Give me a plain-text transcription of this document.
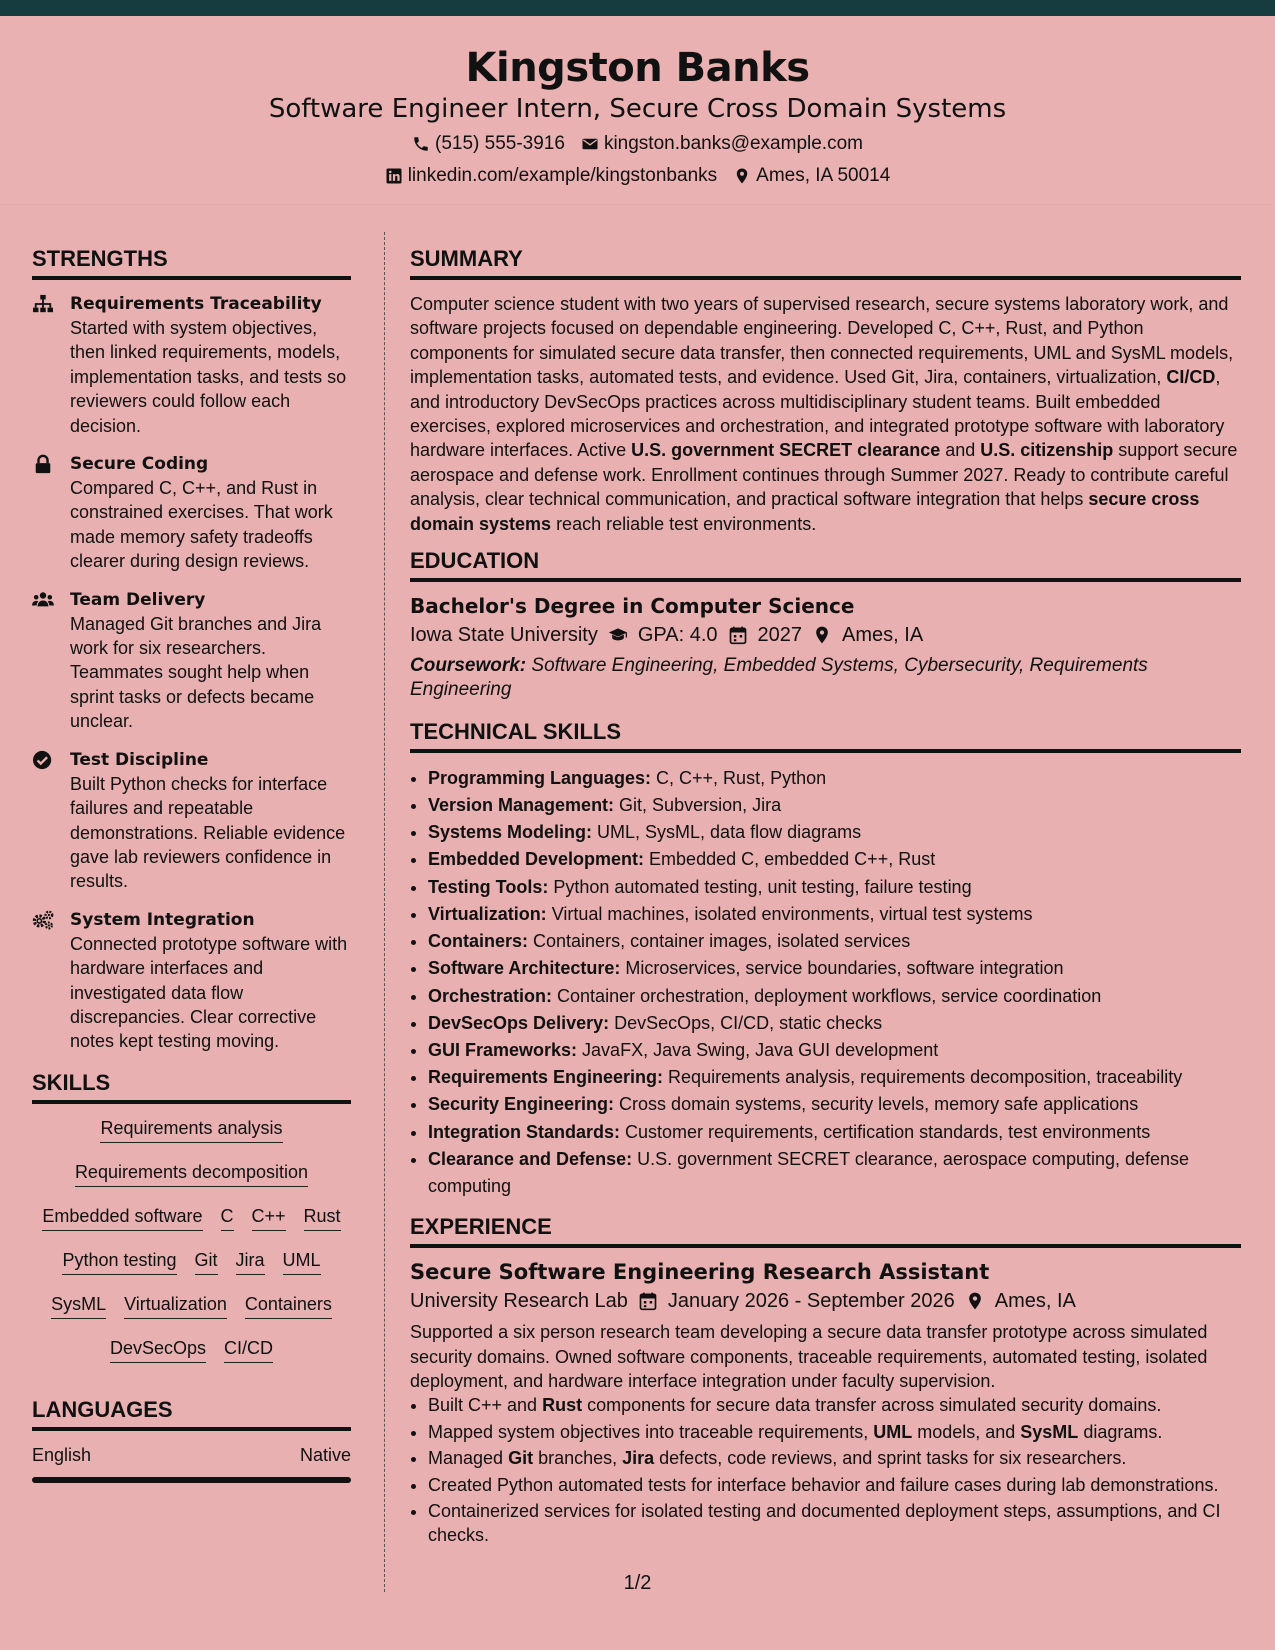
Kingston Banks
Software Engineer Intern, Secure Cross Domain Systems
(515) 555-3916 kingston.banks@example.com
linkedin.com/example/kingstonbanks Ames, IA 50014
STRENGTHS
Requirements Traceability
Started with system objectives, then linked requirements, models, implementation tasks, and tests so reviewers could follow each decision.
Secure Coding
Compared C, C++, and Rust in constrained exercises. That work made memory safety tradeoffs clearer during design reviews.
Team Delivery
Managed Git branches and Jira work for six researchers. Teammates sought help when sprint tasks or defects became unclear.
Test Discipline
Built Python checks for interface failures and repeatable demonstrations. Reliable evidence gave lab reviewers confidence in results.
System Integration
Connected prototype software with hardware interfaces and investigated data flow discrepancies. Clear corrective notes kept testing moving.
SKILLS
Requirements analysis
Requirements decomposition
Embedded software C C++ Rust
Python testing Git Jira UML
SysML Virtualization Containers
DevSecOps CI/CD
LANGUAGES
English	Native
SUMMARY

Computer science student with two years of supervised research, secure systems laboratory work, and software projects focused on dependable engineering. Developed C, C++, Rust, and Python components for simulated secure data transfer, then connected requirements, UML and SysML models, implementation tasks, automated tests, and evidence. Used Git, Jira, containers, virtualization, CI/CD, and introductory DevSecOps practices across multidisciplinary student teams. Built embedded exercises, explored microservices and orchestration, and integrated prototype software with laboratory hardware interfaces. Active U.S. government SECRET clearance and U.S. citizenship support secure aerospace and defense work. Enrollment continues through Summer 2027. Ready to contribute careful analysis, clear technical communication, and practical software integration that helps secure cross domain systems reach reliable test environments.

EDUCATION
Bachelor's Degree in Computer Science
Iowa State University GPA: 4.0 2027 Ames, IA
Coursework: Software Engineering, Embedded Systems, Cybersecurity, Requirements Engineering
TECHNICAL SKILLS
• Programming Languages: C, C++, Rust, Python
• Version Management: Git, Subversion, Jira
• Systems Modeling: UML, SysML, data flow diagrams
• Embedded Development: Embedded C, embedded C++, Rust
• Testing Tools: Python automated testing, unit testing, failure testing
• Virtualization: Virtual machines, isolated environments, virtual test systems
• Containers: Containers, container images, isolated services
• Software Architecture: Microservices, service boundaries, software integration
• Orchestration: Container orchestration, deployment workflows, service coordination
• DevSecOps Delivery: DevSecOps, CI/CD, static checks
• GUI Frameworks: JavaFX, Java Swing, Java GUI development
• Requirements Engineering: Requirements analysis, requirements decomposition, traceability
• Security Engineering: Cross domain systems, security levels, memory safe applications
• Integration Standards: Customer requirements, certification standards, test environments
• Clearance and Defense: U.S. government SECRET clearance, aerospace computing, defense computing
EXPERIENCE
Secure Software Engineering Research Assistant
University Research Lab January 2026 - September 2026 Ames, IA

Supported a six person research team developing a secure data transfer prototype across simulated security domains. Owned software components, traceable requirements, automated testing, isolated deployment, and hardware interface integration under faculty supervision.

• Built C++ and Rust components for secure data transfer across simulated security domains.
• Mapped system objectives into traceable requirements, UML models, and SysML diagrams.
• Managed Git branches, Jira defects, code reviews, and sprint tasks for six researchers.
• Created Python automated tests for interface behavior and failure cases during lab demonstrations.
• Containerized services for isolated testing and documented deployment steps, assumptions, and CI checks.
1/2
